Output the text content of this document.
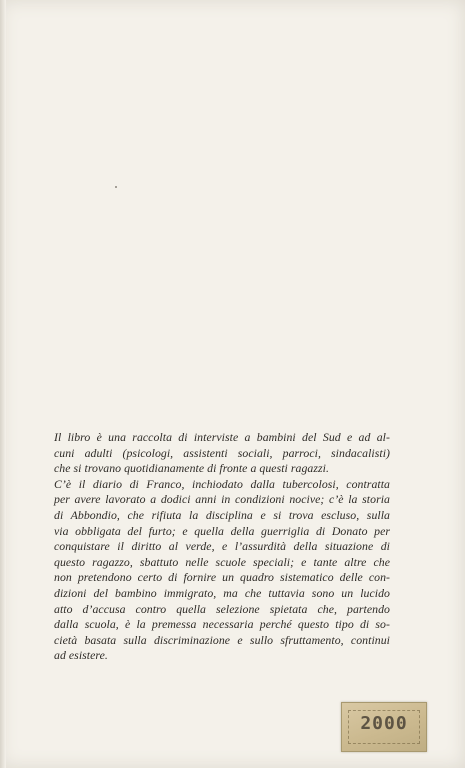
Il libro è una raccolta di interviste a bambini del Sud e ad al-
cuni adulti (psicologi, assistenti sociali, parroci, sindacalisti)
che si trovano quotidianamente di fronte a questi ragazzi.
C’è il diario di Franco, inchiodato dalla tubercolosi, contratta
per avere lavorato a dodici anni in condizioni nocive; c’è la storia
di Abbondio, che rifiuta la disciplina e si trova escluso, sulla
via obbligata del furto; e quella della guerriglia di Donato per
conquistare il diritto al verde, e l’assurdità della situazione di
questo ragazzo, sbattuto nelle scuole speciali; e tante altre che
non pretendono certo di fornire un quadro sistematico delle con-
dizioni del bambino immigrato, ma che tuttavia sono un lucido
atto d’accusa contro quella selezione spietata che, partendo
dalla scuola, è la premessa necessaria perché questo tipo di so-
cietà basata sulla discriminazione e sullo sfruttamento, continui
ad esistere.
2000
